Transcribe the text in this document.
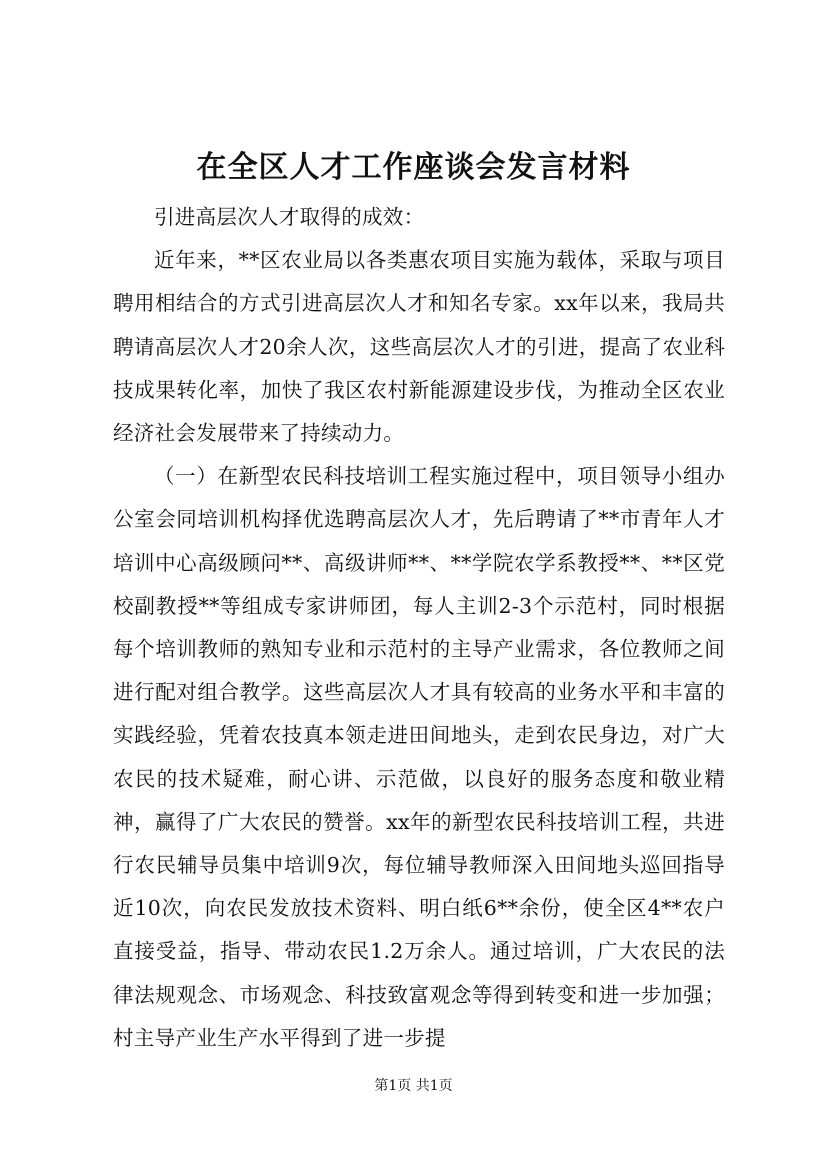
在全区人才工作座谈会发言材料

引进高层次人才取得的成效：

近年来，**区农业局以各类惠农项目实施为载体，采取与项目聘用相结合的方式引进高层次人才和知名专家。xx年以来，我局共聘请高层次人才20余人次，这些高层次人才的引进，提高了农业科技成果转化率，加快了我区农村新能源建设步伐，为推动全区农业经济社会发展带来了持续动力。

（一）在新型农民科技培训工程实施过程中，项目领导小组办公室会同培训机构择优选聘高层次人才，先后聘请了**市青年人才培训中心高级顾问**、高级讲师**、**学院农学系教授**、**区党校副教授**等组成专家讲师团，每人主训2-3个示范村，同时根据每个培训教师的熟知专业和示范村的主导产业需求，各位教师之间进行配对组合教学。这些高层次人才具有较高的业务水平和丰富的实践经验，凭着农技真本领走进田间地头，走到农民身边，对广大农民的技术疑难，耐心讲、示范做，以良好的服务态度和敬业精神，赢得了广大农民的赞誉。xx年的新型农民科技培训工程，共进行农民辅导员集中培训9次，每位辅导教师深入田间地头巡回指导近10次，向农民发放技术资料、明白纸6**余份，使全区4**农户直接受益，指导、带动农民1.2万余人。通过培训，广大农民的法律法规观念、市场观念、科技致富观念等得到转变和进一步加强；村主导产业生产水平得到了进一步提

第1页 共1页
